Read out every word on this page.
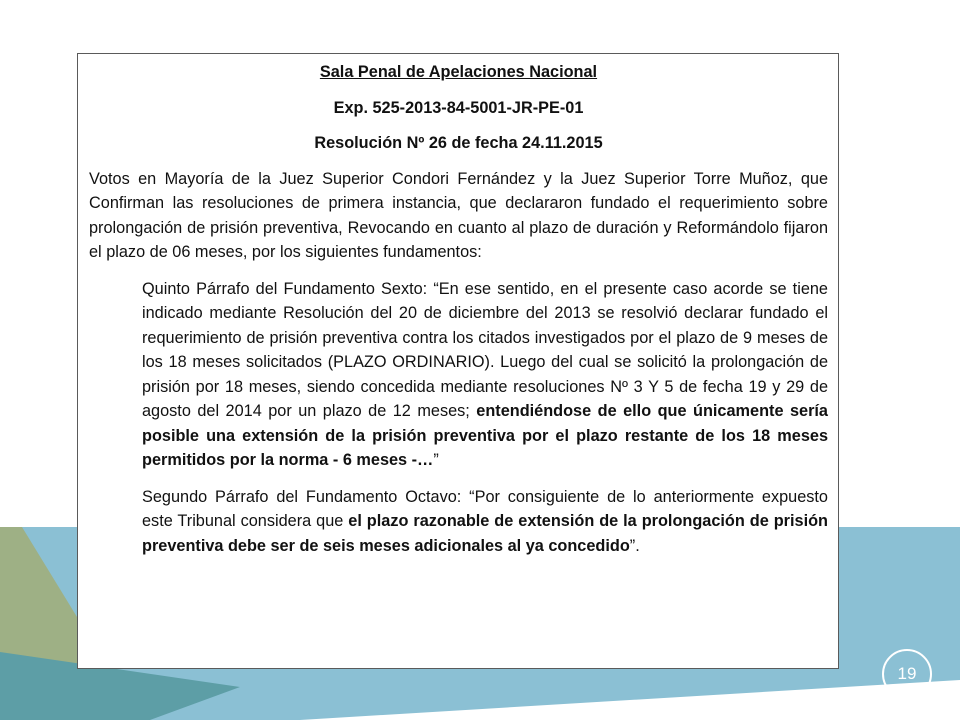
Sala Penal de Apelaciones Nacional

Exp. 525-2013-84-5001-JR-PE-01

Resolución Nº 26 de fecha 24.11.2015

Votos en Mayoría de la Juez Superior Condori Fernández y la Juez Superior Torre Muñoz, que Confirman las resoluciones de primera instancia, que declararon fundado el requerimiento sobre prolongación de prisión preventiva, Revocando en cuanto al plazo de duración y Reformándolo fijaron el plazo de 06 meses, por los siguientes fundamentos:

Quinto Párrafo del Fundamento Sexto: “En ese sentido, en el presente caso acorde se tiene indicado mediante Resolución del 20 de diciembre del 2013 se resolvió declarar fundado el requerimiento de prisión preventiva contra los citados investigados por el plazo de 9 meses de los 18 meses solicitados (PLAZO ORDINARIO). Luego del cual se solicitó la prolongación de prisión por 18 meses, siendo concedida mediante resoluciones Nº 3 Y 5 de fecha 19 y 29 de agosto del 2014 por un plazo de 12 meses; entendiéndose de ello que únicamente sería posible una extensión de la prisión preventiva por el plazo restante de los 18 meses permitidos por la norma - 6 meses -…”

Segundo Párrafo del Fundamento Octavo: “Por consiguiente de lo anteriormente expuesto este Tribunal considera que el plazo razonable de extensión de la prolongación de prisión preventiva debe ser de seis meses adicionales al ya concedido”.

19
